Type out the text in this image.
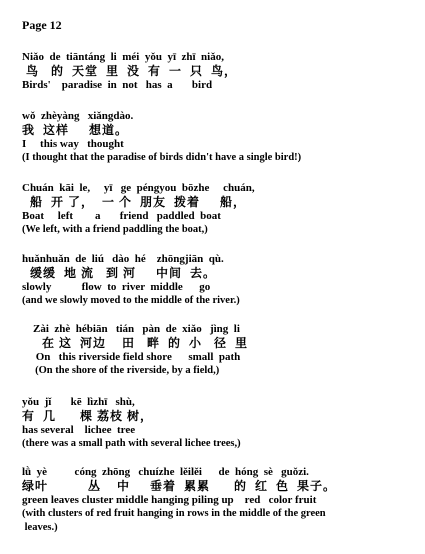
Page 12
Niǎo  de  tiāntáng  li  méi  yǒu  yī  zhī  niǎo,
鸟   的  天堂  里  没  有  一  只  鸟，
Birds'    paradise  in  not   has  a       bird
wǒ  zhèyàng   xiǎngdào.
我  这样     想道。
I     this way   thought
(I thought that the paradise of birds didn't have a single bird!)
Chuán  kāi  le,     yī   ge  péngyou  bōzhe     chuán,
船  开 了，  一 个  朋友  拨着     船，
Boat     left        a       friend   paddled  boat
(We left, with a friend paddling the boat,)
huǎnhuǎn  de  liú   dào  hé    zhōngjiān  qù.
缓缓  地 流   到 河     中间  去。
slowly           flow  to  river  middle      go
(and we slowly moved to the middle of the river.)
Zài  zhè  hébiān   tián   pàn  de  xiǎo   jìng  li
在 这  河边    田   畔  的  小   径  里
On   this riverside field shore      small  path
(On the shore of the riverside, by a field,)
yǒu  jǐ       kē  lìzhī   shù,
有  几      棵 荔枝 树，
has several    lichee  tree
(there was a small path with several lichee trees,)
lǜ  yè          cóng  zhōng   chuízhe  lěilěi      de  hóng  sè   guǒzi.
绿叶          丛    中     垂着  累累      的  红  色  果子。
green leaves cluster middle hanging piling up    red   color fruit
(with clusters of red fruit hanging in rows in the middle of the green
leaves.)
